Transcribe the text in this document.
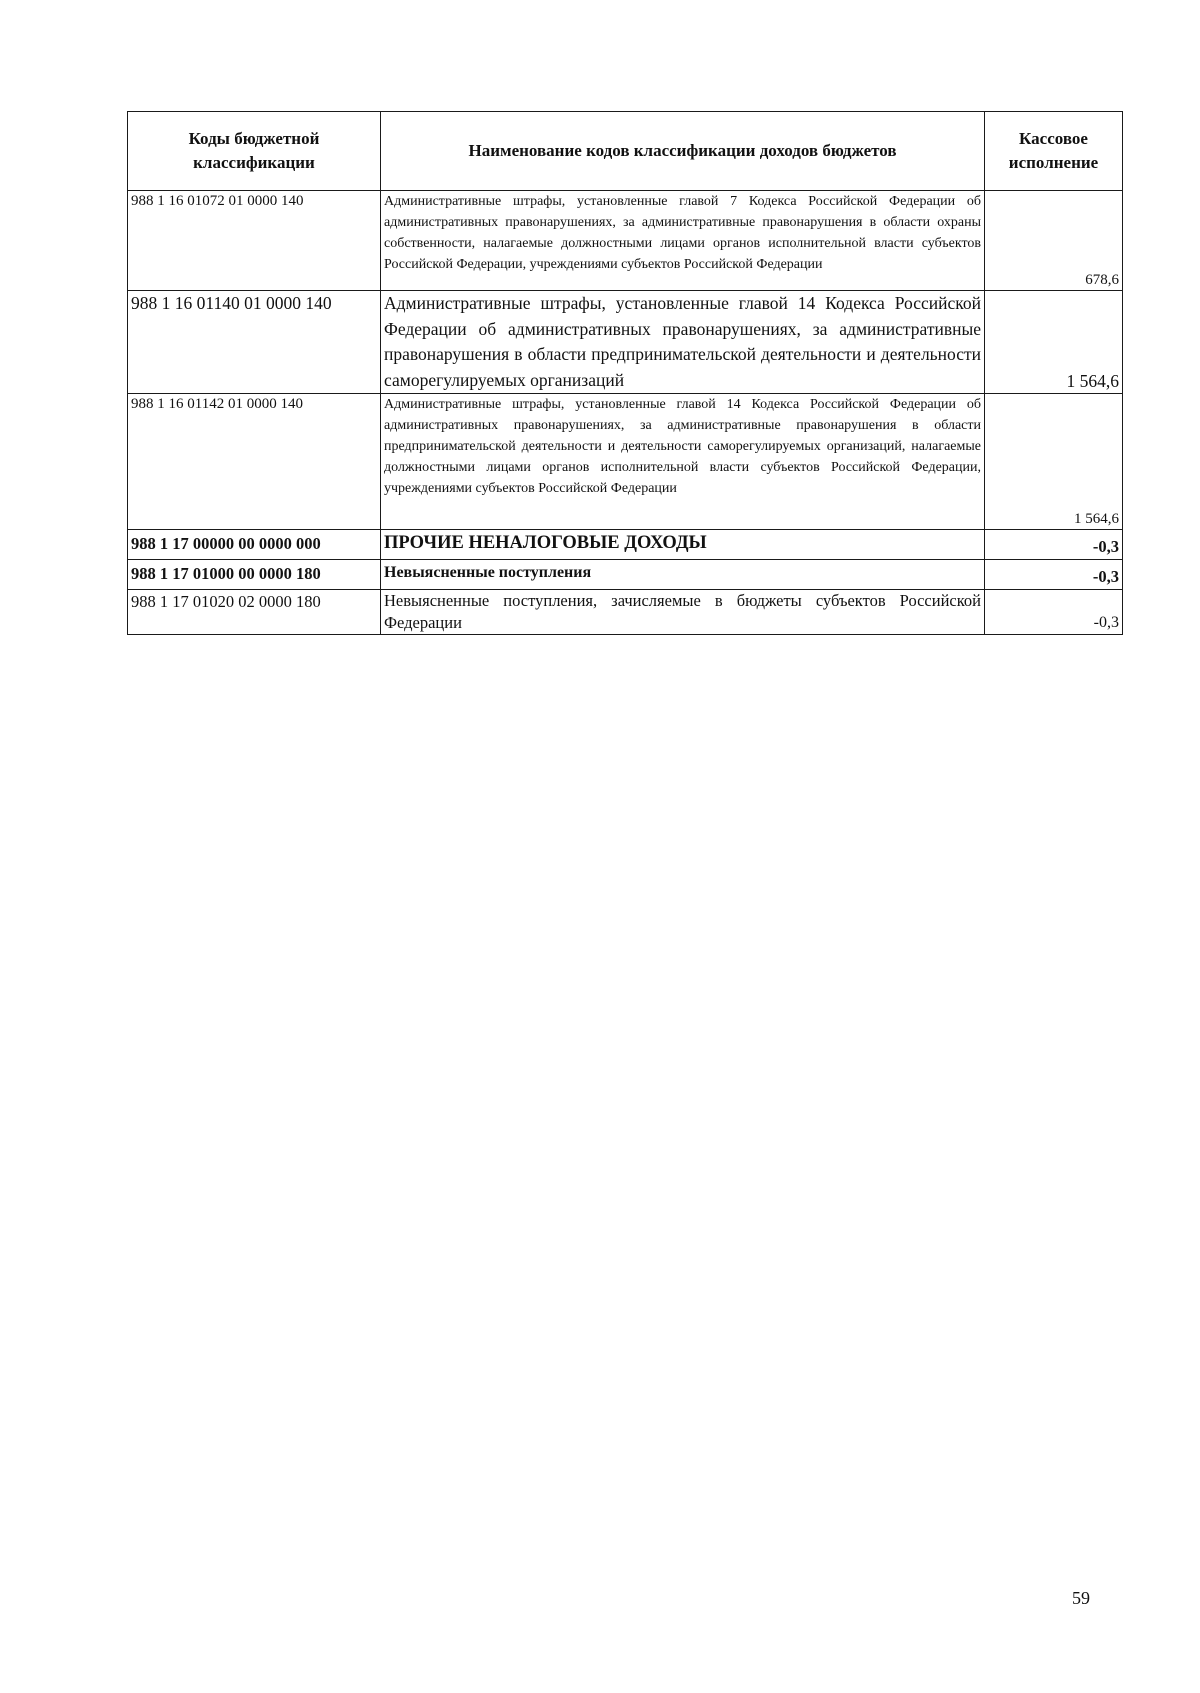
Коды бюджетной классификации	Наименование кодов классификации доходов бюджетов	Кассовое исполнение
988 1 16 01072 01 0000 140	Административные штрафы, установленные главой 7 Кодекса Российской Федерации об административных правонарушениях, за административные правонарушения в области охраны собственности, налагаемые должностными лицами органов исполнительной власти субъектов Российской Федерации, учреждениями субъектов Российской Федерации	678,6
988 1 16 01140 01 0000 140	Административные штрафы, установленные главой 14 Кодекса Российской Федерации об административных правонарушениях, за административные правонарушения в области предпринимательской деятельности и деятельности саморегулируемых организаций	1 564,6
988 1 16 01142 01 0000 140	Административные штрафы, установленные главой 14 Кодекса Российской Федерации об административных правонарушениях, за административные правонарушения в области предпринимательской деятельности и деятельности саморегулируемых организаций, налагаемые должностными лицами органов исполнительной власти субъектов Российской Федерации, учреждениями субъектов Российской Федерации	1 564,6
988 1 17 00000 00 0000 000	ПРОЧИЕ НЕНАЛОГОВЫЕ ДОХОДЫ	-0,3
988 1 17 01000 00 0000 180	Невыясненные поступления	-0,3
988 1 17 01020 02 0000 180	Невыясненные поступления, зачисляемые в бюджеты субъектов Российской Федерации	-0,3
59
